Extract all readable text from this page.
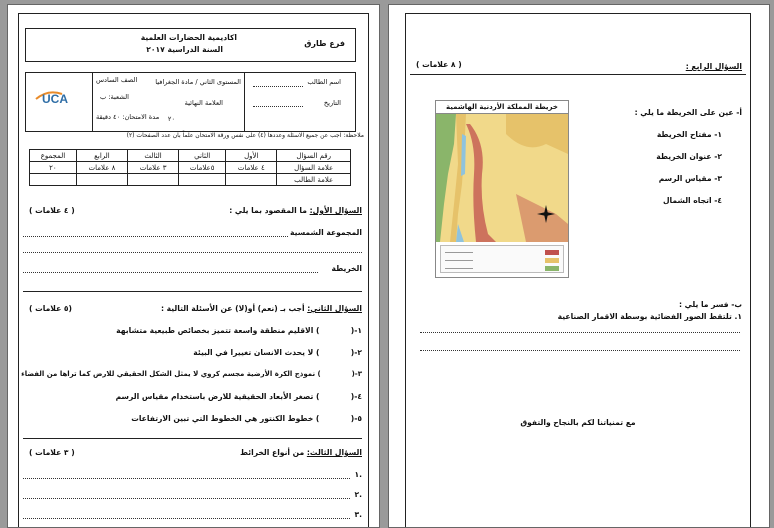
اكاديمية الحضارات العلمية
السنة الدراسية ٢٠١٧
فرع طارق
UCA
اسم الطالب
التاريخ
المستوى الثاني / مادة الجغرافيا
العلامة النهائية
٢٠
الصف السادس
الشعبة: ب
مدة الامتحان: ٤٠ دقيقة
ملاحظة: اجب عن جميع الاسئلة وعددها (٤) على نفس ورقة الامتحان علماً بان عدد الصفحات (٢)
رقم السؤال	الأول	الثاني	الثالث	الرابع	المجموع
علامة السؤال	٤ علامات	٥علامات	٣ علامات	٨ علامات	٢٠
علامة الطالب					
السؤال الأول: ما المقصود بما يلي :
( ٤ علامات )
المجموعة الشمسية
الخريطة
السؤال الثاني: أجب بـ (نعم) أو(لا) عن الأسئلة التالية :
(٥ علامات )
١-(  ) الاقليم منطقة واسعة تتميز بخصائص طبيعية متشابهة
٢-(  ) لا يحدث الانسان تغييرا في البيئة
٣-(  ) نموذج الكرة الأرضية مجسم كروي لا يمثل الشكل الحقيقي للارض كما تراها من الفضاء
٤-(  ) تصغر الأبعاد الحقيقية للارض باستخدام مقياس الرسم
٥-(  ) خطوط الكنتور هي الخطوط التي تبين الارتفاعات
السؤال الثالث: من أنواع الخرائط
( ٣ علامات )
١.
٢.
٣.
السؤال الرابع :
( ٨ علامات )
خريطة المملكة الأردنية الهاشمية
أ- عين على الخريطة ما يلي :
١- مفتاح الخريطة
٢- عنوان الخريطة
٣- مقياس الرسم
٤- اتجاه الشمال
ب- فسر ما يلي :
١. تلتقط الصور الفضائية بوسطة الاقمار الصناعية
مع تمنياتنا لكم بالنجاح والتفوق
